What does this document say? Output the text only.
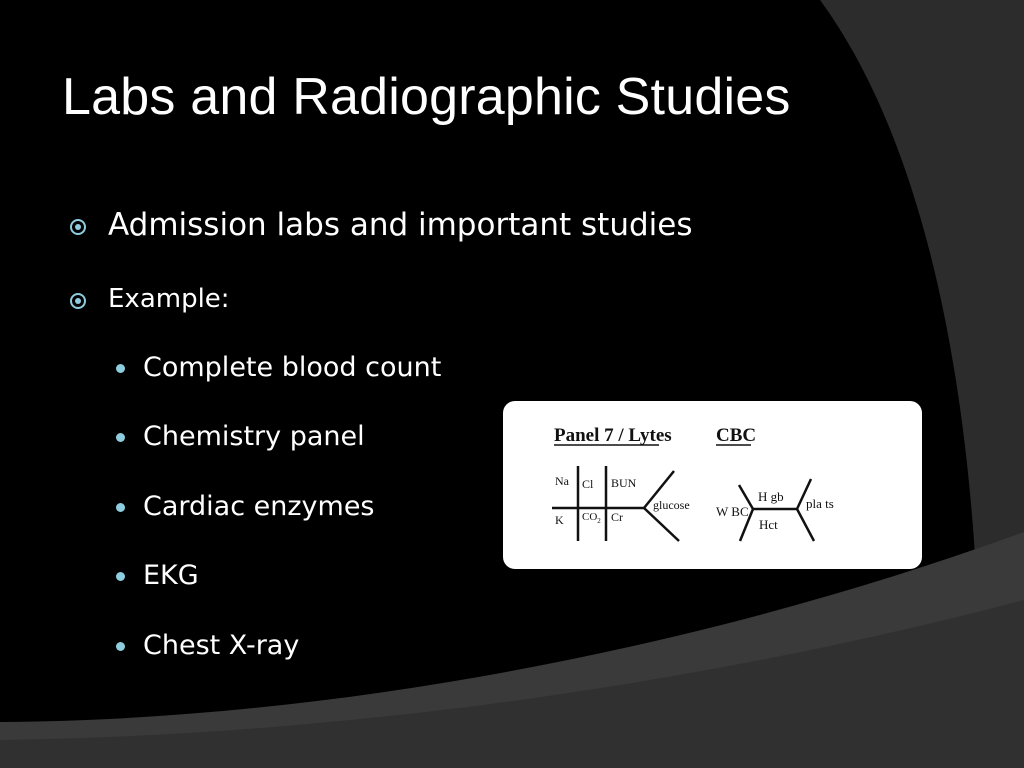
Labs and Radiographic Studies
Admission labs and important studies
Example:
Complete blood count
Chemistry panel
Cardiac enzymes
EKG
Chest X-ray
Panel 7 / Lytes CBC
Na Cl BUN
K $CO_2$ Cr
glucose W BC
H gb
Hct
pla ts
